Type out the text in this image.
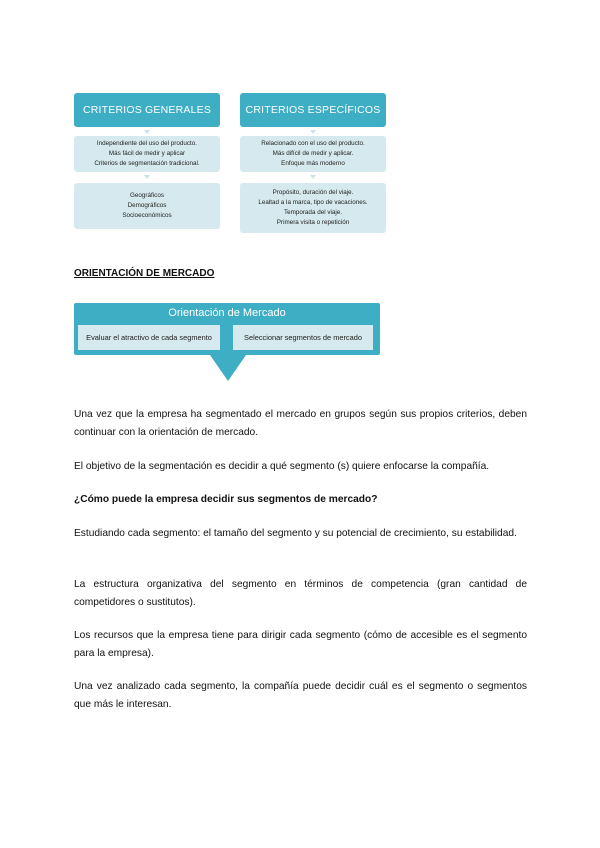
CRITERIOS GENERALES
Independiente del uso del producto.
Más fácil de medir y aplicar
Criterios de segmentación tradicional.
Geográficos
Demográficos
Socioeconómicos
CRITERIOS ESPECÍFICOS
Relacionado con el uso del producto.
Más difícil de medir y aplicar.
Enfoque más moderno
Propósito, duración del viaje.
Lealtad a la marca, tipo de vacaciones.
Temporada del viaje.
Primera visita o repetición
ORIENTACIÓN DE MERCADO
Orientación de Mercado
Evaluar el atractivo de cada segmento	Seleccionar segmentos de mercado
Una vez que la empresa ha segmentado el mercado en grupos según sus propios criterios, deben continuar con la orientación de mercado.
El objetivo de la segmentación es decidir a qué segmento (s) quiere enfocarse la compañía.
¿Cómo puede la empresa decidir sus segmentos de mercado?
Estudiando cada segmento: el tamaño del segmento y su potencial de crecimiento, su estabilidad.
La estructura organizativa del segmento en términos de competencia (gran cantidad de competidores o sustitutos).
Los recursos que la empresa tiene para dirigir cada segmento (cómo de accesible es el segmento para la empresa).
Una vez analizado cada segmento, la compañía puede decidir cuál es el segmento o segmentos que más le interesan.
